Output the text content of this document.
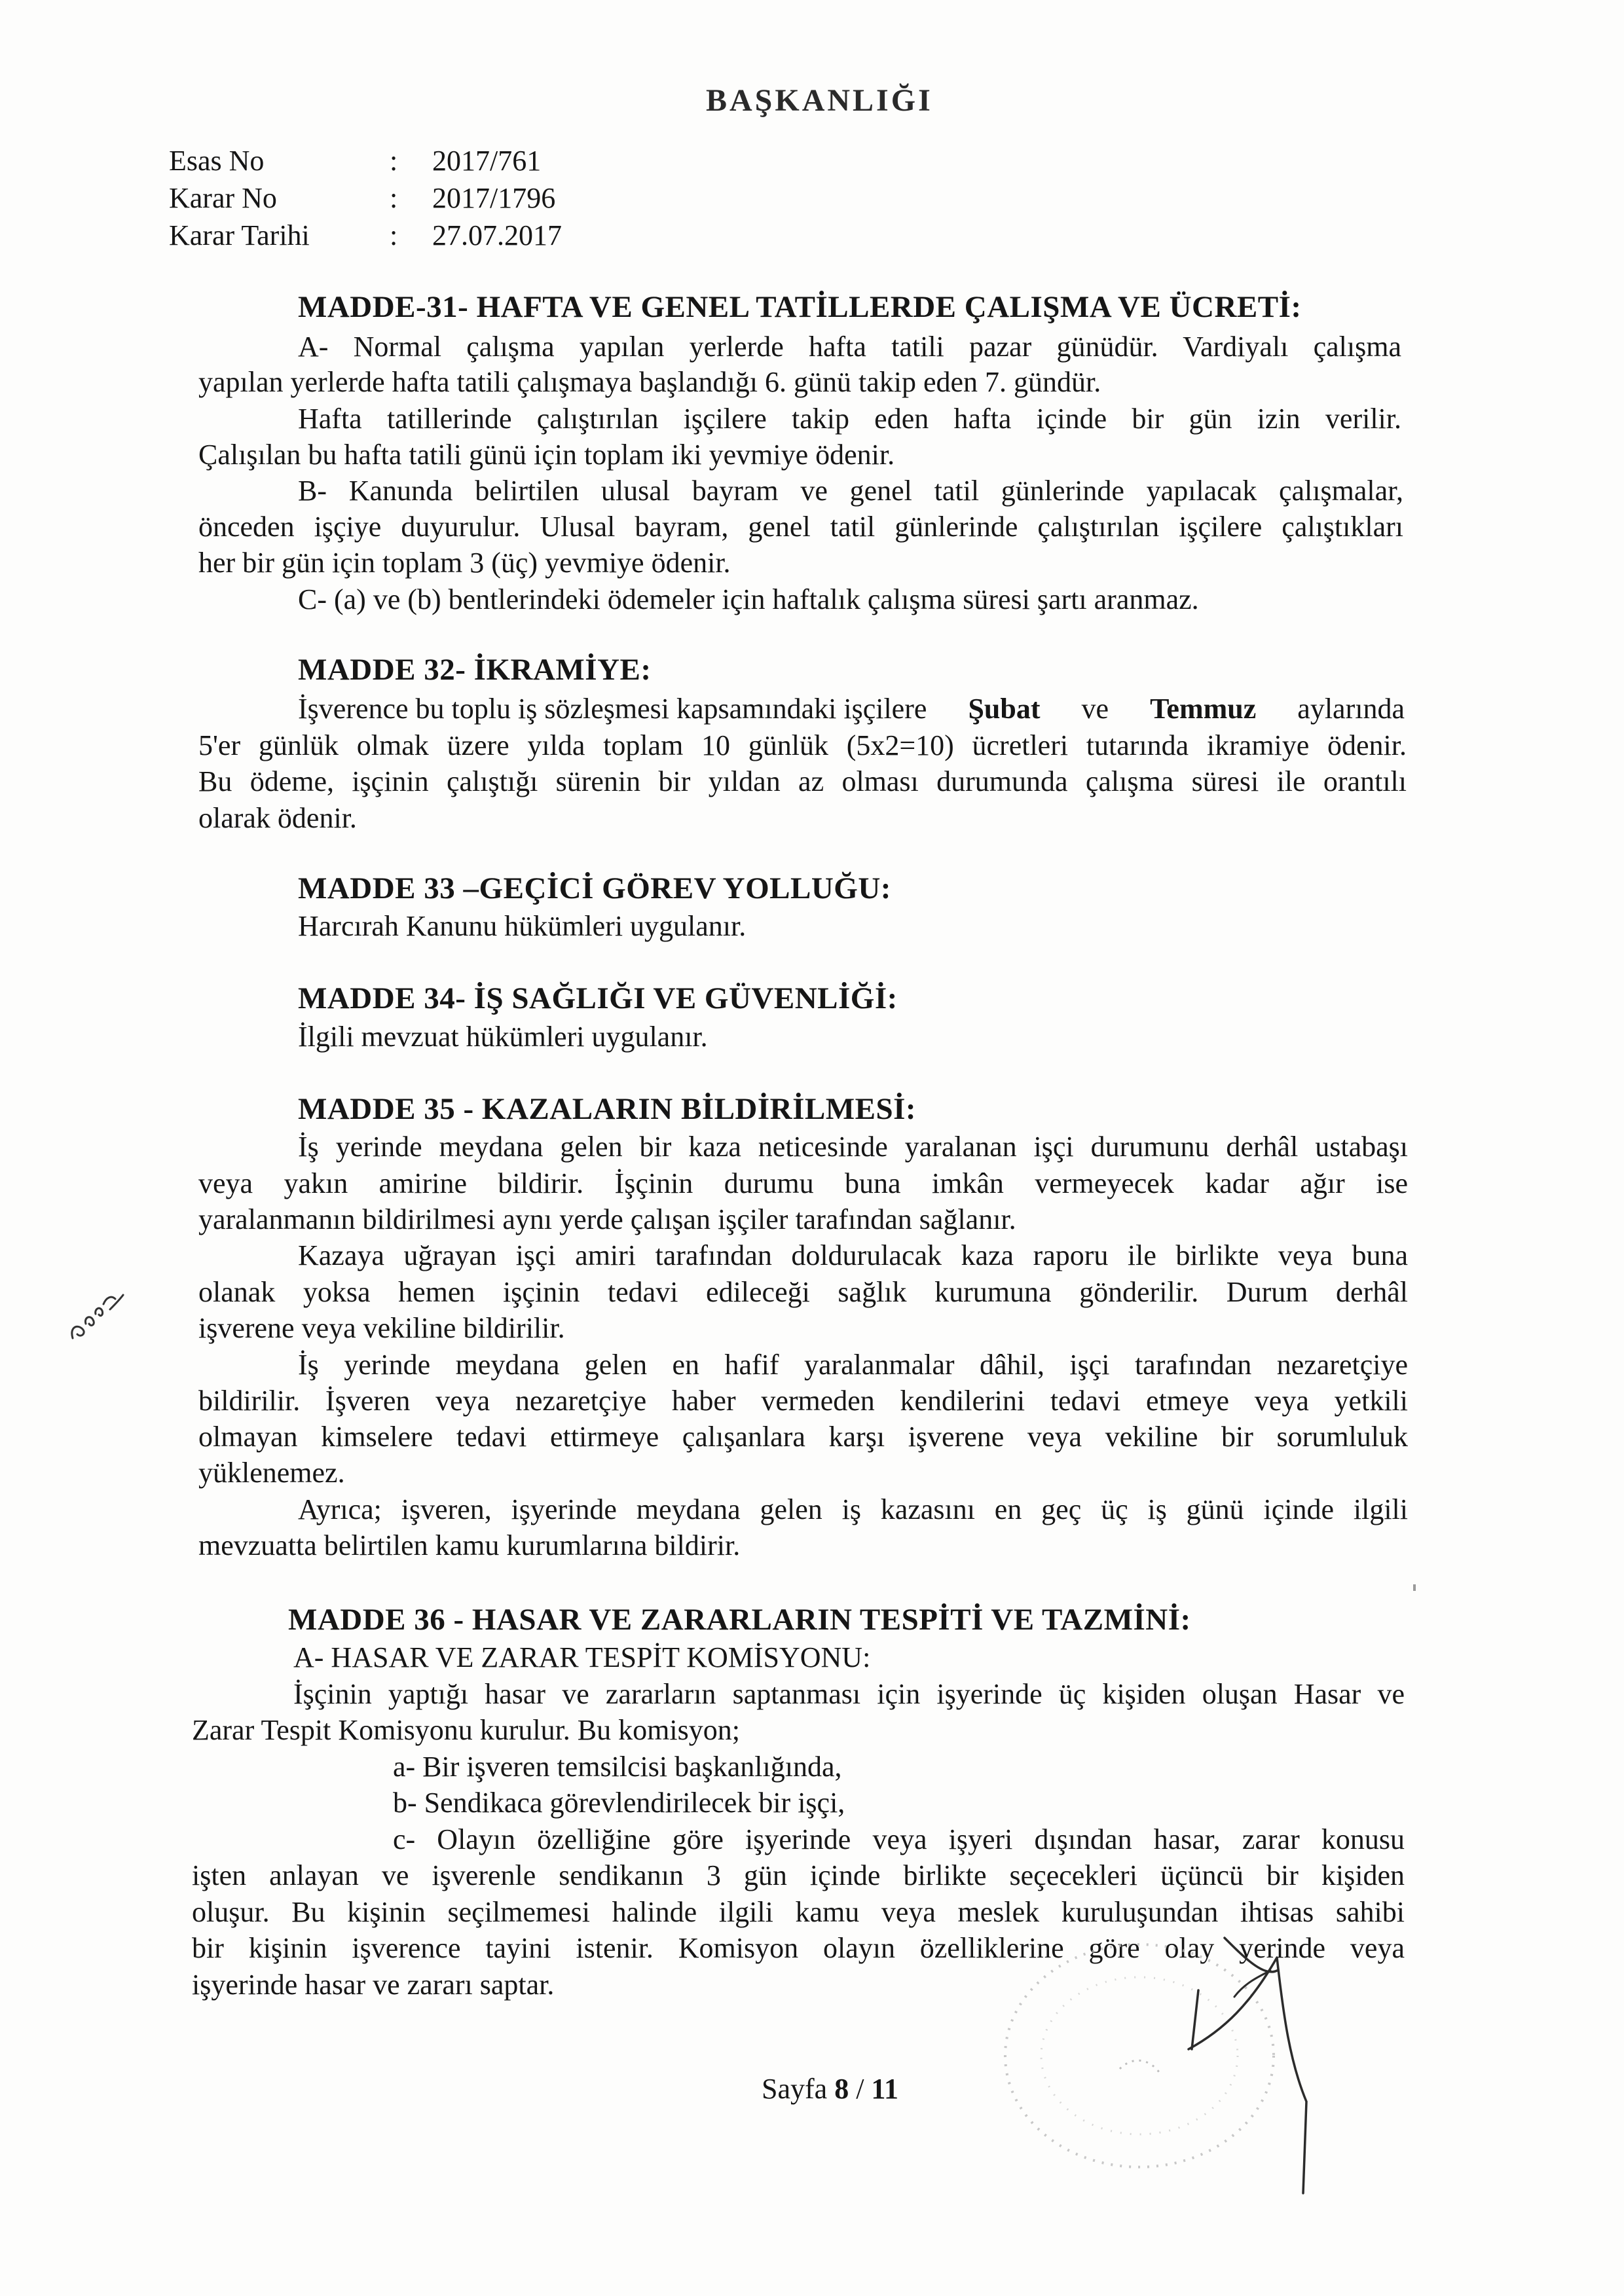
BAŞKANLIĞI
Esas No	: 2017/761
Karar No	: 2017/1796
Karar Tarihi	: 27.07.2017
MADDE-31- HAFTA VE GENEL TATİLLERDE ÇALIŞMA VE ÜCRETİ:

A- Normal çalışma yapılan yerlerde hafta tatili pazar günüdür. Vardiyalı çalışma

yapılan yerlerde hafta tatili çalışmaya başlandığı 6. günü takip eden 7. gündür.

Hafta tatillerinde çalıştırılan işçilere takip eden hafta içinde bir gün izin verilir.

Çalışılan bu hafta tatili günü için toplam iki yevmiye ödenir.

B- Kanunda belirtilen ulusal bayram ve genel tatil günlerinde yapılacak çalışmalar,

önceden işçiye duyurulur. Ulusal bayram, genel tatil günlerinde çalıştırılan işçilere çalıştıkları

her bir gün için toplam 3 (üç) yevmiye ödenir.

C- (a) ve (b) bentlerindeki ödemeler için haftalık çalışma süresi şartı aranmaz.

MADDE 32- İKRAMİYE:

İşverence bu toplu iş sözleşmesi kapsamındaki işçilere Şubat ve Temmuz aylarında

5'er günlük olmak üzere yılda toplam 10 günlük (5x2=10) ücretleri tutarında ikramiye ödenir.

Bu ödeme, işçinin çalıştığı sürenin bir yıldan az olması durumunda çalışma süresi ile orantılı

olarak ödenir.

MADDE 33 –GEÇİCİ GÖREV YOLLUĞU:

Harcırah Kanunu hükümleri uygulanır.

MADDE 34- İŞ SAĞLIĞI VE GÜVENLİĞİ:

İlgili mevzuat hükümleri uygulanır.

MADDE 35 - KAZALARIN BİLDİRİLMESİ:

İş yerinde meydana gelen bir kaza neticesinde yaralanan işçi durumunu derhâl ustabaşı

veya yakın amirine bildirir. İşçinin durumu buna imkân vermeyecek kadar ağır ise

yaralanmanın bildirilmesi aynı yerde çalışan işçiler tarafından sağlanır.

Kazaya uğrayan işçi amiri tarafından doldurulacak kaza raporu ile birlikte veya buna

olanak yoksa hemen işçinin tedavi edileceği sağlık kurumuna gönderilir. Durum derhâl

işverene veya vekiline bildirilir.

İş yerinde meydana gelen en hafif yaralanmalar dâhil, işçi tarafından nezaretçiye

bildirilir. İşveren veya nezaretçiye haber vermeden kendilerini tedavi etmeye veya yetkili

olmayan kimselere tedavi ettirmeye çalışanlara karşı işverene veya vekiline bir sorumluluk

yüklenemez.

Ayrıca; işveren, işyerinde meydana gelen iş kazasını en geç üç iş günü içinde ilgili

mevzuatta belirtilen kamu kurumlarına bildirir.

MADDE 36 - HASAR VE ZARARLARIN TESPİTİ VE TAZMİNİ:

A- HASAR VE ZARAR TESPİT KOMİSYONU:

İşçinin yaptığı hasar ve zararların saptanması için işyerinde üç kişiden oluşan Hasar ve

Zarar Tespit Komisyonu kurulur. Bu komisyon;

a- Bir işveren temsilcisi başkanlığında,

b- Sendikaca görevlendirilecek bir işçi,

c- Olayın özelliğine göre işyerinde veya işyeri dışından hasar, zarar konusu

işten anlayan ve işverenle sendikanın 3 gün içinde birlikte seçecekleri üçüncü bir kişiden

oluşur. Bu kişinin seçilmemesi halinde ilgili kamu veya meslek kuruluşundan ihtisas sahibi

bir kişinin işverence tayini istenir. Komisyon olayın özelliklerine göre olay yerinde veya

işyerinde hasar ve zararı saptar.

Sayfa 8 / 11
